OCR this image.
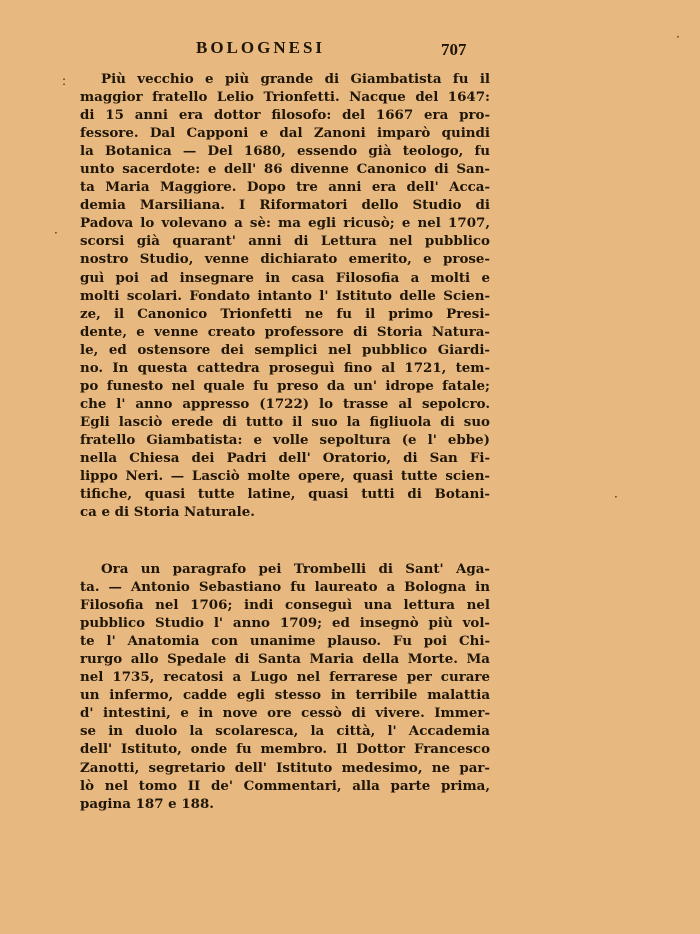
BOLOGNESI	707
Più vecchio e più grande di Giambatista fu il
maggior fratello Lelio Trionfetti. Nacque del 1647:
di 15 anni era dottor filosofo: del 1667 era pro-
fessore. Dal Capponi e dal Zanoni imparò quindi
la Botanica — Del 1680, essendo già teologo, fu
unto sacerdote: e dell' 86 divenne Canonico di San-
ta Maria Maggiore. Dopo tre anni era dell' Acca-
demia Marsiliana. I Riformatori dello Studio di
Padova lo volevano a sè: ma egli ricusò; e nel 1707,
scorsi già quarant' anni di Lettura nel pubblico
nostro Studio, venne dichiarato emerito, e prose-
guì poi ad insegnare in casa Filosofia a molti e
molti scolari. Fondato intanto l' Istituto delle Scien-
ze, il Canonico Trionfetti ne fu il primo Presi-
dente, e venne creato professore di Storia Natura-
le, ed ostensore dei semplici nel pubblico Giardi-
no. In questa cattedra proseguì fino al 1721, tem-
po funesto nel quale fu preso da un' idrope fatale;
che l' anno appresso (1722) lo trasse al sepolcro.
Egli lasciò erede di tutto il suo la figliuola di suo
fratello Giambatista: e volle sepoltura (e l' ebbe)
nella Chiesa dei Padri dell' Oratorio, di San Fi-
lippo Neri. — Lasciò molte opere, quasi tutte scien-
tifiche, quasi tutte latine, quasi tutti di Botani-
ca e di Storia Naturale.
Ora un paragrafo pei Trombelli di Sant' Aga-
ta. — Antonio Sebastiano fu laureato a Bologna in
Filosofia nel 1706; indi conseguì una lettura nel
pubblico Studio l' anno 1709; ed insegnò più vol-
te l' Anatomia con unanime plauso. Fu poi Chi-
rurgo allo Spedale di Santa Maria della Morte. Ma
nel 1735, recatosi a Lugo nel ferrarese per curare
un infermo, cadde egli stesso in terribile malattia
d' intestini, e in nove ore cessò di vivere. Immer-
se in duolo la scolaresca, la città, l' Accademia
dell' Istituto, onde fu membro. Il Dottor Francesco
Zanotti, segretario dell' Istituto medesimo, ne par-
lò nel tomo II de' Commentari, alla parte prima,
pagina 187 e 188.
:
·
·
·
